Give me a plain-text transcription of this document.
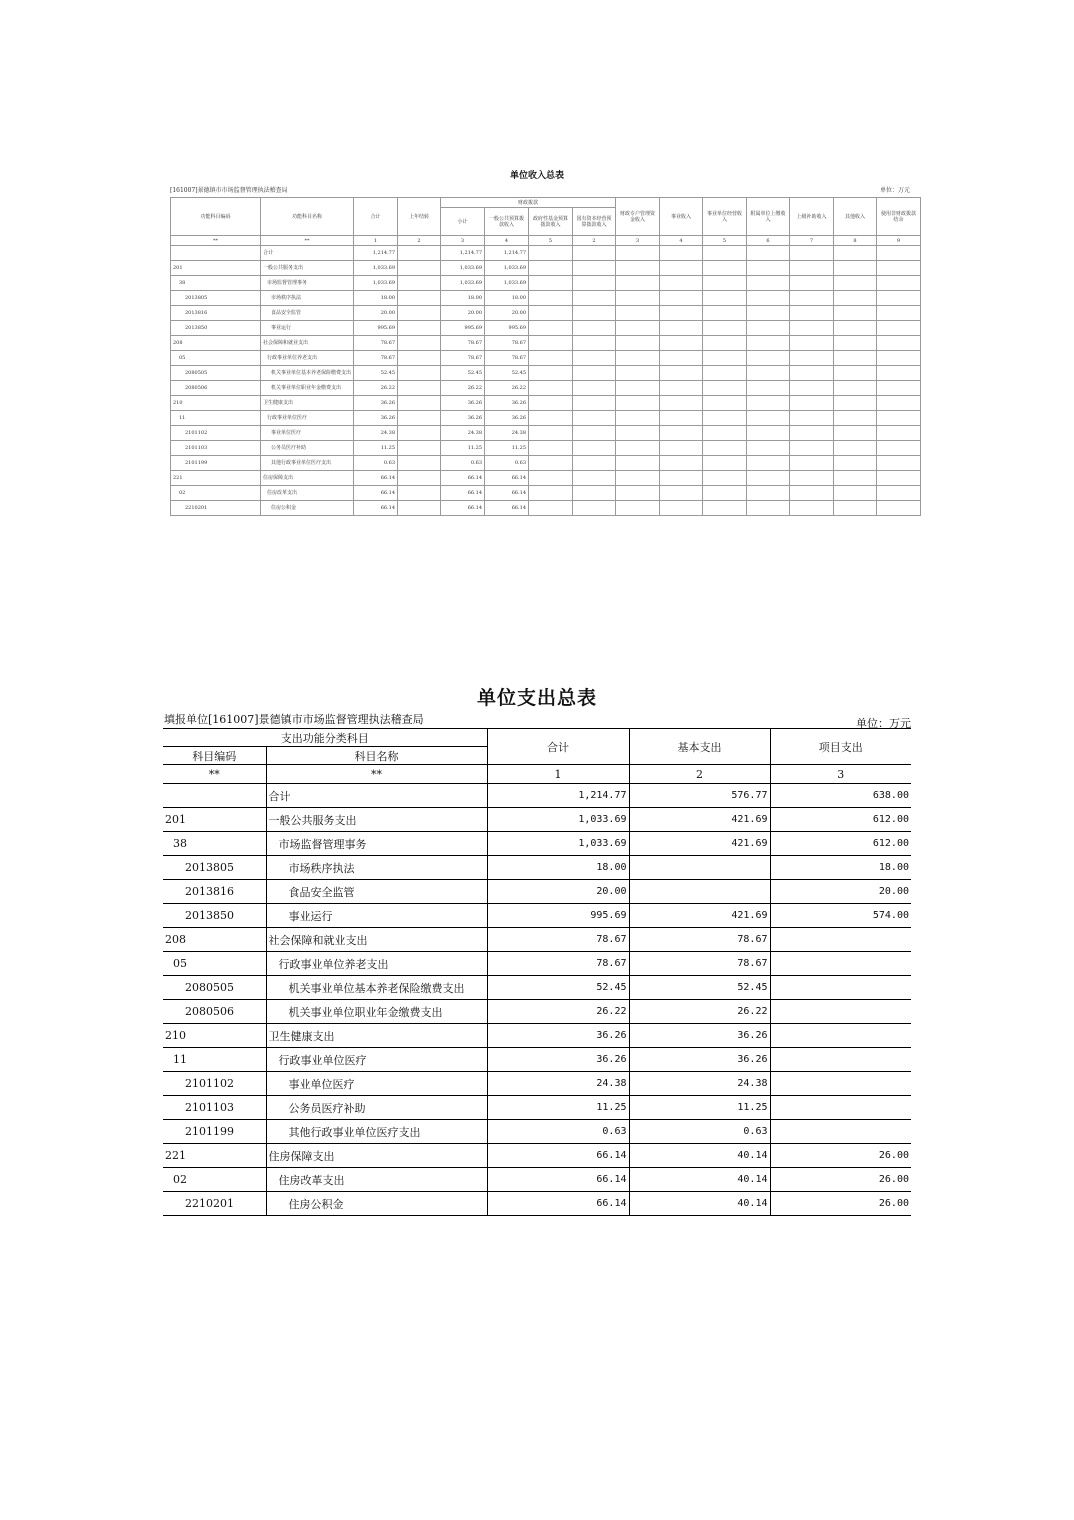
单位收入总表
[161007]景德镇市市场监督管理执法稽查局	单位：万元
功能科目编码	功能科目名称	合计	上年结转	财政拨款				财政专户管理资金收入	事业收入	事业单位经营收入	附属单位上缴收入	上级补助收入	其他收入	使用非财政拨款结余
				小计	一般公共预算拨款收入	政府性基金预算拨款收入	国有资本经营预算拨款收入							
**	**	1	2	3	4	5	2	3	4	5	6	7	8	9
	合计	1,214.77		1,214.77	1,214.77									
201	一般公共服务支出	1,033.69		1,033.69	1,033.69									
38	市场监督管理事务	1,033.69		1,033.69	1,033.69									
2013805	市场秩序执法	18.00		18.00	18.00									
2013816	食品安全监管	20.00		20.00	20.00									
2013850	事业运行	995.69		995.69	995.69									
208	社会保障和就业支出	78.67		78.67	78.67									
05	行政事业单位养老支出	78.67		78.67	78.67									
2080505	机关事业单位基本养老保险缴费支出	52.45		52.45	52.45									
2080506	机关事业单位职业年金缴费支出	26.22		26.22	26.22									
210	卫生健康支出	36.26		36.26	36.26									
11	行政事业单位医疗	36.26		36.26	36.26									
2101102	事业单位医疗	24.38		24.38	24.38									
2101103	公务员医疗补助	11.25		11.25	11.25									
2101199	其他行政事业单位医疗支出	0.63		0.63	0.63									
221	住房保障支出	66.14		66.14	66.14									
02	住房改革支出	66.14		66.14	66.14									
2210201	住房公积金	66.14		66.14	66.14									
单位支出总表
填报单位[161007]景德镇市市场监督管理执法稽查局	单位：万元
支出功能分类科目		合计	基本支出	项目支出
科目编码	科目名称			
**	**	1	2	3
	合计	1,214.77	576.77	638.00
201	一般公共服务支出	1,033.69	421.69	612.00
38	市场监督管理事务	1,033.69	421.69	612.00
2013805	市场秩序执法	18.00		18.00
2013816	食品安全监管	20.00		20.00
2013850	事业运行	995.69	421.69	574.00
208	社会保障和就业支出	78.67	78.67	
05	行政事业单位养老支出	78.67	78.67	
2080505	机关事业单位基本养老保险缴费支出	52.45	52.45	
2080506	机关事业单位职业年金缴费支出	26.22	26.22	
210	卫生健康支出	36.26	36.26	
11	行政事业单位医疗	36.26	36.26	
2101102	事业单位医疗	24.38	24.38	
2101103	公务员医疗补助	11.25	11.25	
2101199	其他行政事业单位医疗支出	0.63	0.63	
221	住房保障支出	66.14	40.14	26.00
02	住房改革支出	66.14	40.14	26.00
2210201	住房公积金	66.14	40.14	26.00
